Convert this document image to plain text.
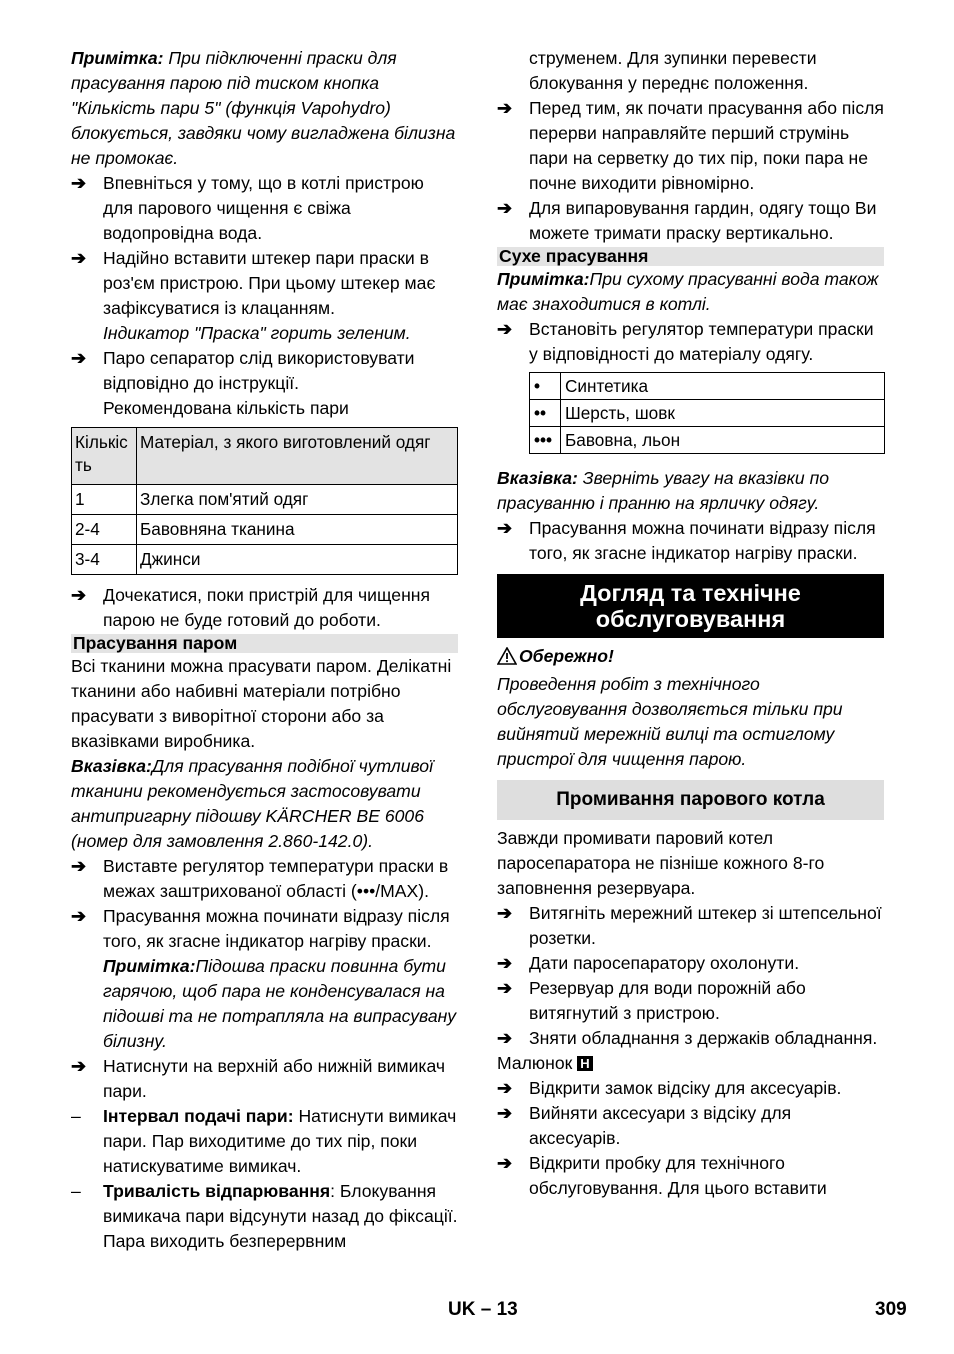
Примітка: При підключенні праски для прасування парою під тиском кнопка "Кількість пари 5" (функція Vapohydro) блокується, завдяки чому вигладжена білизна не промокає.

➔ Впевніться у тому, що в котлі пристрою для парового чищення є свіжа водопровідна вода.
➔ Надійно вставити штекер пари праски в роз'єм пристрою. При цьому штекер має зафіксуватися із клацанням.

Індикатор "Праска" горить зеленим.

➔ Паро сепаратор слід використовувати відповідно до інструкції.

Рекомендована кількість пари

Кількіс ть	Матеріал, з якого виготовлений одяг
1	Злегка пом'ятий одяг
2-4	Бавовняна тканина
3-4	Джинси
➔ Дочекатися, поки пристрій для чищення парою не буде готовий до роботи.
Прасування паром

Всі тканини можна прасувати паром. Делікатні тканини або набивні матеріали потрібно прасувати з виворітної сторони або за вказівками виробника.

Вказівка:Для прасування подібної чутливої тканини рекомендується застосовувати антипригарну підошву KÄRCHER BE 6006 (номер для замовлення 2.860-142.0).

➔ Виставте регулятор температури праски в межах заштрихованої області (•••/MAX).
➔ Прасування можна починати відразу після того, як згасне індикатор нагріву праски.

Примітка:Підошва праски повинна бути гарячою, щоб пара не конденсувалася на підошві та не потрапляла на випрасувану білизну.

➔ Натиснути на верхній або нижній вимикач пари.
– Інтервал подачі пари: Натиснути вимикач пари. Пар виходитиме до тих пір, поки натискуватиме вимикач.
– Тривалість відпарювання: Блокування вимикача пари відсунути назад до фіксації. Пара виходить безперервним

струменем. Для зупинки перевести блокування у переднє положення.

➔ Перед тим, як почати прасування або після перерви направляйте перший струмінь пари на серветку до тих пір, поки пара не почне виходити рівномірно.
➔ Для випаровування гардин, одягу тощо Ви можете тримати праску вертикально.
Сухе прасування

Примітка:При сухому прасуванні вода також має знаходитися в котлі.

➔ Встановіть регулятор температури праски у відповідності до матеріалу одягу.
•	Синтетика
••	Шерсть, шовк
•••	Бавовна, льон

Вказівка: Зверніть увагу на вказівки по прасуванню і пранню на ярличку одягу.

➔ Прасування можна починати відразу після того, як згасне індикатор нагріву праски.
Догляд та технічне обслуговування

Обережно!

Проведення робіт з технічного обслуговування дозволяється тільки при вийнятий мережній вилці та остиглому пристрої для чищення парою.

Промивання парового котла

Завжди промивати паровий котел паросепаратора не пізніше кожного 8-го заповнення резервуара.

➔ Витягніть мережний штекер зі штепсельної розетки.
➔ Дати паросепаратору охолонути.
➔ Резервуар для води порожній або витягнутий з пристрою.
➔ Зняти обладнання з держаків обладнання.

Малюнок H

➔ Відкрити замок відсіку для аксесуарів.
➔ Вийняти аксесуари з відсіку для аксесуарів.
➔ Відкрити пробку для технічного обслуговування. Для цього вставити
UK – 13	309
